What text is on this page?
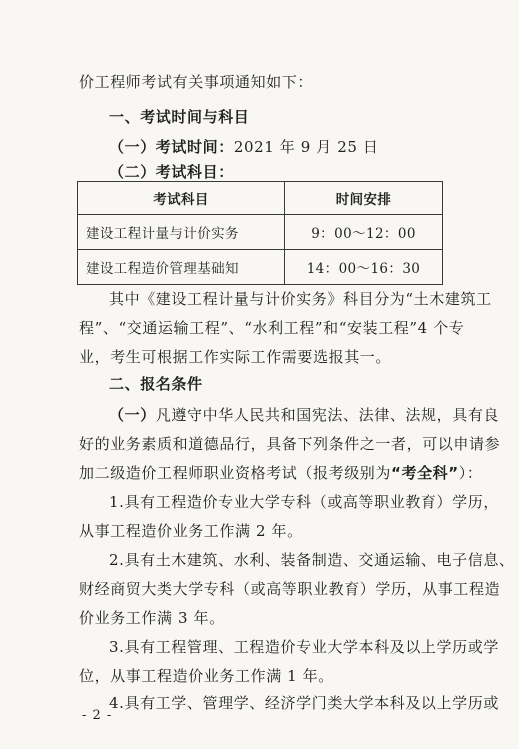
价工程师考试有关事项通知如下：
一、考试时间与科目
（一）考试时间：2021 年 9 月 25 日
（二）考试科目：
考试科目	时间安排
建设工程计量与计价实务	9：00～12：00
建设工程造价管理基础知	14：00～16：30
其中《建设工程计量与计价实务》科目分为“土木建筑工
程”、“交通运输工程”、“水利工程”和“安装工程”4 个专
业，考生可根据工作实际工作需要选报其一。
二、报名条件
（一） 凡遵守中华人民共和国宪法、法律、法规，具有良
好的业务素质和道德品行，具备下列条件之一者，可以申请参
加二级造价工程师职业资格考试（报考级别为“考全科”）：
1.具有工程造价专业大学专科（或高等职业教育）学历，
从事工程造价业务工作满 2 年。
2.具有土木建筑、水利、装备制造、交通运输、电子信息、
财经商贸大类大学专科（或高等职业教育）学历，从事工程造
价业务工作满 3 年。
3.具有工程管理、工程造价专业大学本科及以上学历或学
位，从事工程造价业务工作满 1 年。
4.具有工学、管理学、经济学门类大学本科及以上学历或
- 2 -
